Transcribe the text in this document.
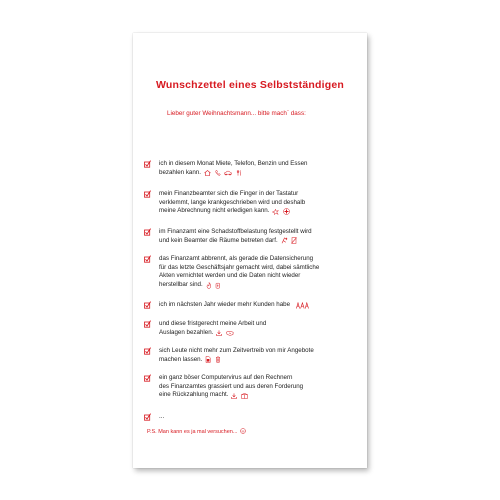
Wunschzettel eines Selbstständigen
Lieber guter Weihnachtsmann... bitte mach` dass:
ich in diesem Monat Miete, Telefon, Benzin und Essen
bezahlen kann.
mein Finanzbeamter sich die Finger in der Tastatur
verklemmt, lange krankgeschrieben wird und deshalb
meine Abrechnung nicht erledigen kann.
im Finanzamt eine Schadstoffbelastung festgestellt wird
und kein Beamter die Räume betreten darf.
das Finanzamt abbrennt, als gerade die Datensicherung
für das letzte Geschäftsjahr gemacht wird, dabei sämtliche
Akten vernichtet werden und die Daten nicht wieder
herstellbar sind.
ich im nächsten Jahr wieder mehr Kunden habe
und diese fristgerecht meine Arbeit und
Auslagen bezahlen.
sich Leute nicht mehr zum Zeitvertreib von mir Angebote
machen lassen.
ein ganz böser Computervirus auf den Rechnern
des Finanzamtes grassiert und aus deren Forderung
eine Rückzahlung macht.
...
P.S. Man kann es ja mal versuchen...
